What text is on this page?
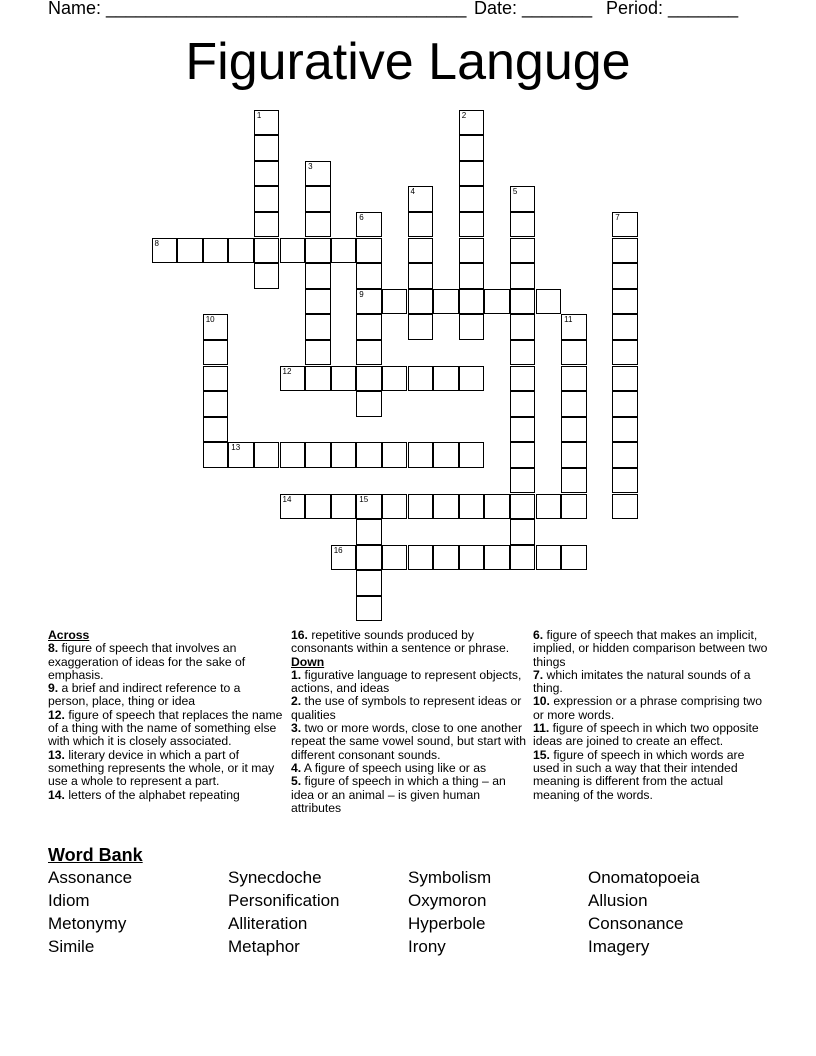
Name: ____________________________________ Date: _______ Period: _______
Figurative Languge
1	2
3
4	5
6
9
7
8
10	11
12
13
14	15
16

Across

8. figure of speech that involves an exaggeration of ideas for the sake of emphasis.

9. a brief and indirect reference to a person, place, thing or idea

12. figure of speech that replaces the name of a thing with the name of something else with which it is closely associated.

13. literary device in which a part of something represents the whole, or it may use a whole to represent a part.

14. letters of the alphabet repeating

16. repetitive sounds produced by consonants within a sentence or phrase.

Down

1. figurative language to represent objects, actions, and ideas

2. the use of symbols to represent ideas or qualities

3. two or more words, close to one another repeat the same vowel sound, but start with different consonant sounds.

4. A figure of speech using like or as

5. figure of speech in which a thing – an idea or an animal – is given human attributes

6. figure of speech that makes an implicit, implied, or hidden comparison between two things

7. which imitates the natural sounds of a thing.

10. expression or a phrase comprising two or more words.

11. figure of speech in which two opposite ideas are joined to create an effect.

15. figure of speech in which words are used in such a way that their intended meaning is different from the actual meaning of the words.

Word Bank
Assonance	Synecdoche	Symbolism	Onomatopoeia
Idiom	Personification	Oxymoron	Allusion
Metonymy	Alliteration	Hyperbole	Consonance
Simile	Metaphor	Irony	Imagery
